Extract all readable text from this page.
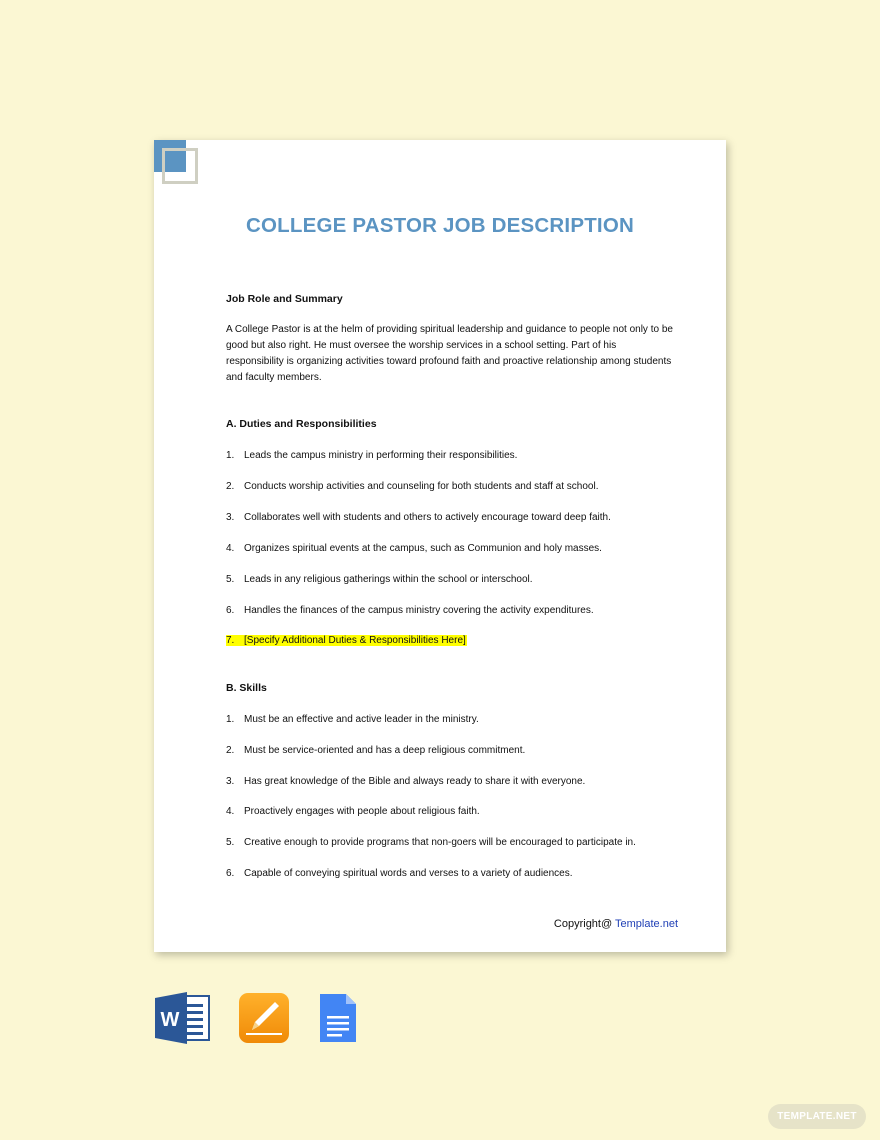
COLLEGE PASTOR JOB DESCRIPTION
Job Role and Summary
A College Pastor is at the helm of providing spiritual leadership and guidance to people not only to be good but also right. He must oversee the worship services in a school setting. Part of his responsibility is organizing activities toward profound faith and proactive relationship among students and faculty members.
A. Duties and Responsibilities
1. Leads the campus ministry in performing their responsibilities.
2. Conducts worship activities and counseling for both students and staff at school.
3. Collaborates well with students and others to actively encourage toward deep faith.
4. Organizes spiritual events at the campus, such as Communion and holy masses.
5. Leads in any religious gatherings within the school or interschool.
6. Handles the finances of the campus ministry covering the activity expenditures.
7. [Specify Additional Duties & Responsibilities Here]
B. Skills
1. Must be an effective and active leader in the ministry.
2. Must be service-oriented and has a deep religious commitment.
3. Has great knowledge of the Bible and always ready to share it with everyone.
4. Proactively engages with people about religious faith.
5. Creative enough to provide programs that non-goers will be encouraged to participate in.
6. Capable of conveying spiritual words and verses to a variety of audiences.
Copyright@ Template.net
W
TEMPLATE.NET
